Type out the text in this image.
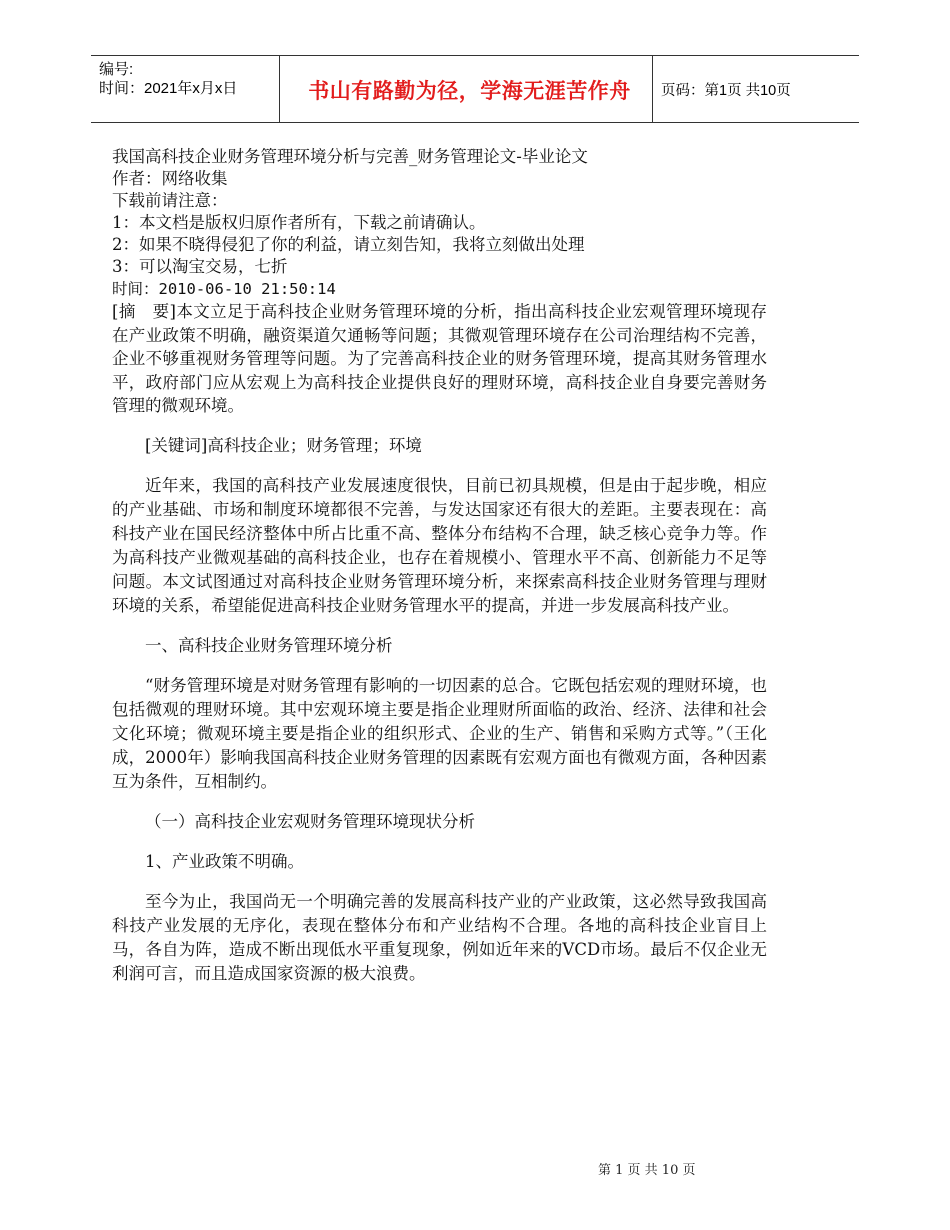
编号:
时间：2021年x月x日	书山有路勤为径，学海无涯苦作舟	页码：第1页 共10页

我国高科技企业财务管理环境分析与完善_财务管理论文-毕业论文

作者：网络收集

下载前请注意：

1：本文档是版权归原作者所有，下载之前请确认。

2：如果不晓得侵犯了你的利益，请立刻告知，我将立刻做出处理

3：可以淘宝交易，七折

时间：2010-06-10 21:50:14

[摘　要]本文立足于高科技企业财务管理环境的分析，指出高科技企业宏观管理环境现存在产业政策不明确，融资渠道欠通畅等问题；其微观管理环境存在公司治理结构不完善，企业不够重视财务管理等问题。为了完善高科技企业的财务管理环境，提高其财务管理水平，政府部门应从宏观上为高科技企业提供良好的理财环境，高科技企业自身要完善财务管理的微观环境。

[关键词]高科技企业；财务管理；环境

近年来，我国的高科技产业发展速度很快，目前已初具规模，但是由于起步晚，相应的产业基础、市场和制度环境都很不完善，与发达国家还有很大的差距。主要表现在：高科技产业在国民经济整体中所占比重不高、整体分布结构不合理，缺乏核心竞争力等。作为高科技产业微观基础的高科技企业，也存在着规模小、管理水平不高、创新能力不足等问题。本文试图通过对高科技企业财务管理环境分析，来探索高科技企业财务管理与理财环境的关系，希望能促进高科技企业财务管理水平的提高，并进一步发展高科技产业。

一、高科技企业财务管理环境分析

“财务管理环境是对财务管理有影响的一切因素的总合。它既包括宏观的理财环境，也包括微观的理财环境。其中宏观环境主要是指企业理财所面临的政治、经济、法律和社会文化环境；微观环境主要是指企业的组织形式、企业的生产、销售和采购方式等。”（王化成，2000年）影响我国高科技企业财务管理的因素既有宏观方面也有微观方面，各种因素互为条件，互相制约。

（一）高科技企业宏观财务管理环境现状分析

1、产业政策不明确。

至今为止，我国尚无一个明确完善的发展高科技产业的产业政策，这必然导致我国高科技产业发展的无序化，表现在整体分布和产业结构不合理。各地的高科技企业盲目上马，各自为阵，造成不断出现低水平重复现象，例如近年来的VCD市场。最后不仅企业无利润可言，而且造成国家资源的极大浪费。

第 1 页 共 10 页
